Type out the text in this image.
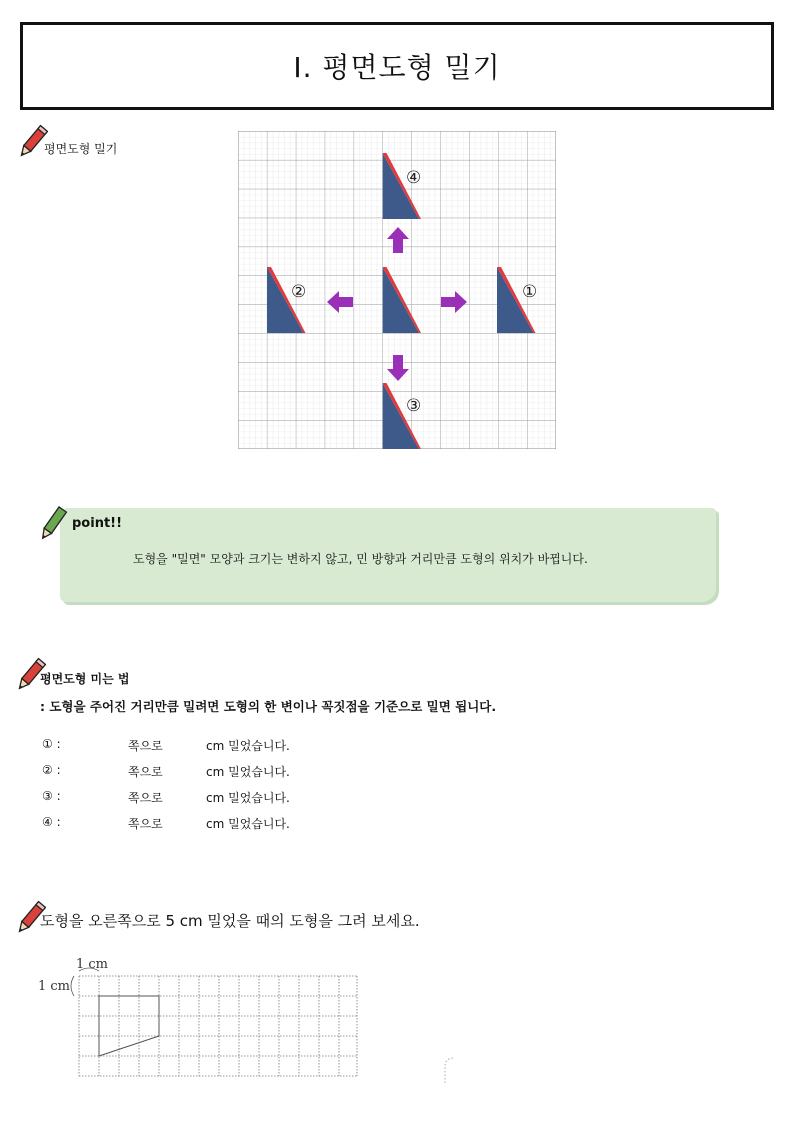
Ⅰ. 평면도형 밀기
평면도형 밀기
④
②	①
③
point!!
도형을 "밀면" 모양과 크기는 변하지 않고, 민 방향과 거리만큼 도형의 위치가 바뀝니다.
평면도형 미는 법
: 도형을 주어진 거리만큼 밀려면 도형의 한 변이나 꼭짓점을 기준으로 밀면 됩니다.
① :	쪽으로	cm 밀었습니다.
② :	쪽으로	cm 밀었습니다.
③ :	쪽으로	cm 밀었습니다.
④ :	쪽으로	cm 밀었습니다.
도형을 오른쪽으로 5 cm 밀었을 때의 도형을 그려 보세요.
1 cm
1 cm
